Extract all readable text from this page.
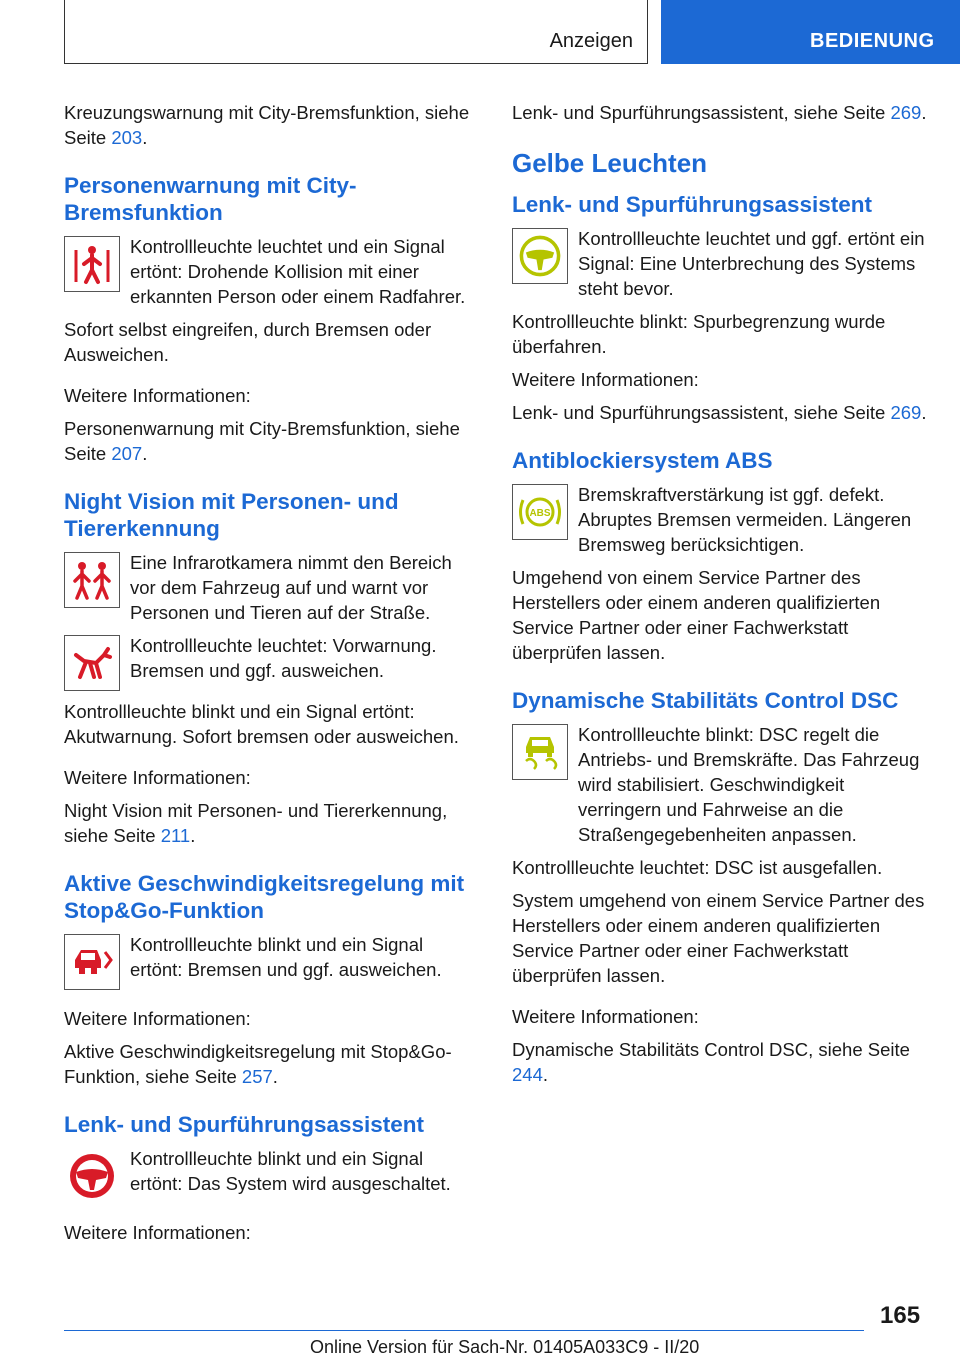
Anzeigen	BEDIENUNG

Kreuzungswarnung mit City-Bremsfunktion, siehe Seite 203.

Personenwarnung mit City-Bremsfunktion
Kontrollleuchte leuchtet und ein Signal ertönt: Drohende Kollision mit einer erkannten Person oder einem Radfahrer.

Sofort selbst eingreifen, durch Bremsen oder Ausweichen.

Weitere Informationen:

Personenwarnung mit City-Bremsfunktion, siehe Seite 207.

Night Vision mit Personen- und Tiererkennung
Eine Infrarotkamera nimmt den Bereich vor dem Fahrzeug auf und warnt vor Personen und Tieren auf der Straße.
Kontrollleuchte leuchtet: Vorwarnung. Bremsen und ggf. ausweichen.

Kontrollleuchte blinkt und ein Signal ertönt: Akutwarnung. Sofort bremsen oder ausweichen.

Weitere Informationen:

Night Vision mit Personen- und Tiererkennung, siehe Seite 211.

Aktive Geschwindigkeitsregelung mit Stop&Go-Funktion
Kontrollleuchte blinkt und ein Signal ertönt: Bremsen und ggf. ausweichen.

Weitere Informationen:

Aktive Geschwindigkeitsregelung mit Stop&Go-Funktion, siehe Seite 257.

Lenk- und Spurführungsassistent
Kontrollleuchte blinkt und ein Signal ertönt: Das System wird ausgeschaltet.

Weitere Informationen:

Lenk- und Spurführungsassistent, siehe Seite 269.

Gelbe Leuchten
Lenk- und Spurführungsassistent
Kontrollleuchte leuchtet und ggf. ertönt ein Signal: Eine Unterbrechung des Systems steht bevor.

Kontrollleuchte blinkt: Spurbegrenzung wurde überfahren.

Weitere Informationen:

Lenk- und Spurführungsassistent, siehe Seite 269.

Antiblockiersystem ABS
ABS
Bremskraftverstärkung ist ggf. defekt. Abruptes Bremsen vermeiden. Längeren Bremsweg berücksichtigen.

Umgehend von einem Service Partner des Herstellers oder einem anderen qualifizierten Service Partner oder einer Fachwerkstatt überprüfen lassen.

Dynamische Stabilitäts Control DSC
Kontrollleuchte blinkt: DSC regelt die Antriebs- und Bremskräfte. Das Fahrzeug wird stabilisiert. Geschwindigkeit verringern und Fahrweise an die Straßengegebenheiten anpassen.

Kontrollleuchte leuchtet: DSC ist ausgefallen.

System umgehend von einem Service Partner des Herstellers oder einem anderen qualifizierten Service Partner oder einer Fachwerkstatt überprüfen lassen.

Weitere Informationen:

Dynamische Stabilitäts Control DSC, siehe Seite 244.

165
Online Version für Sach-Nr. 01405A033C9 - II/20
